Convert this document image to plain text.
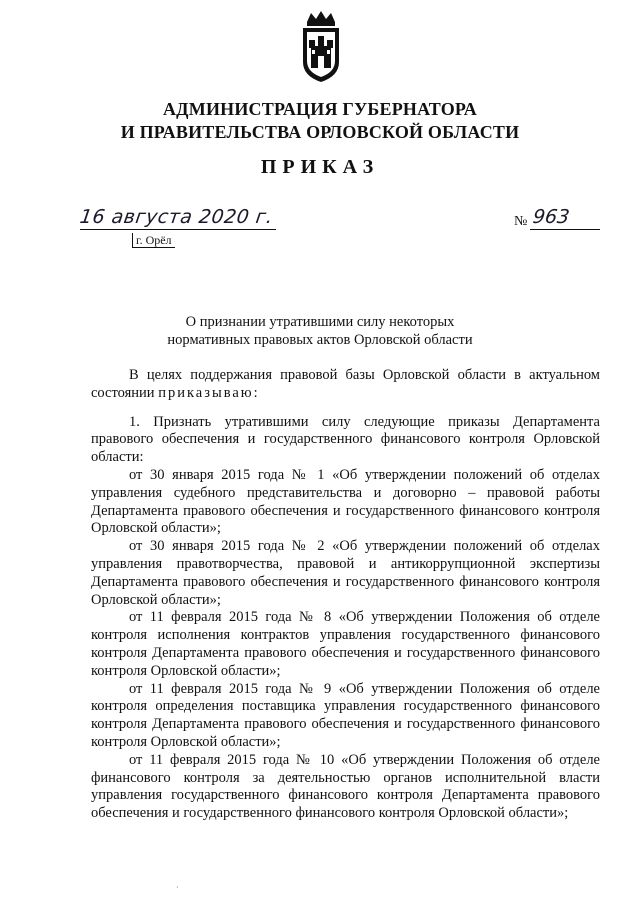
АДМИНИСТРАЦИЯ ГУБЕРНАТОРА
И ПРАВИТЕЛЬСТВА ОРЛОВСКОЙ ОБЛАСТИ
ПРИКАЗ
16 августа 2020 г.
г. Орёл
№ 963
О признании утратившими силу некоторых
нормативных правовых актов Орловской области

В целях поддержания правовой базы Орловской области в актуальном состоянии приказываю:

1. Признать утратившими силу следующие приказы Департамента правового обеспечения и государственного финансового контроля Орловской области:

от 30 января 2015 года № 1 «Об утверждении положений об отделах управления судебного представительства и договорно – правовой работы Департамента правового обеспечения и государственного финансового контроля Орловской области»;

от 30 января 2015 года № 2 «Об утверждении положений об отделах управления правотворчества, правовой и антикоррупционной экспертизы Департамента правового обеспечения и государственного финансового контроля Орловской области»;

от 11 февраля 2015 года № 8 «Об утверждении Положения об отделе контроля исполнения контрактов управления государственного финансового контроля Департамента правового обеспечения и государственного финансового контроля Орловской области»;

от 11 февраля 2015 года № 9 «Об утверждении Положения об отделе контроля определения поставщика управления государственного финансового контроля Департамента правового обеспечения и государственного финансового контроля Орловской области»;

от 11 февраля 2015 года № 10 «Об утверждении Положения об отделе финансового контроля за деятельностью органов исполнительной власти управления государственного финансового контроля Департамента правового обеспечения и государственного финансового контроля Орловской области»;

·
